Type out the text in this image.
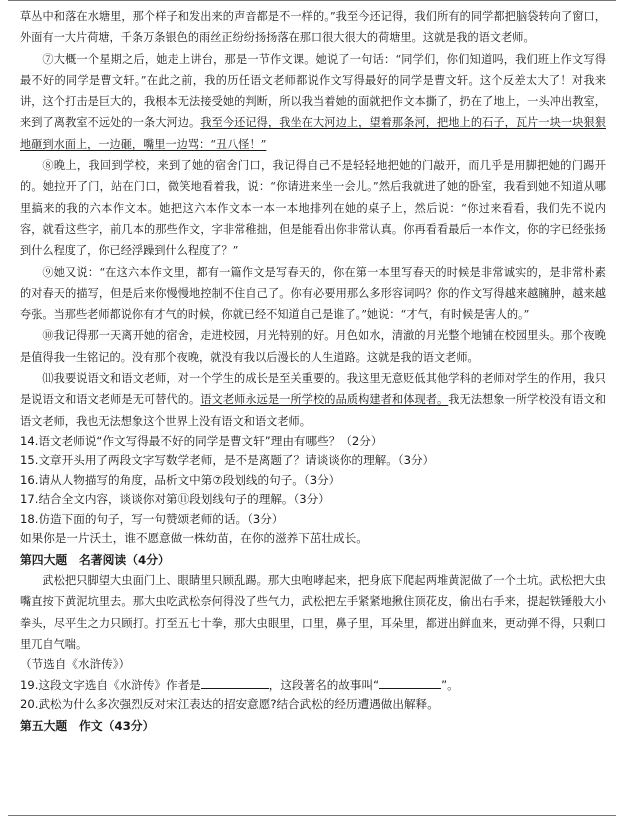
草丛中和落在水塘里，那个样子和发出来的声音都是不一样的。”我至今还记得，我们所有的同学都把脑袋转向了窗口，外面有一大片荷塘，千条万条银色的雨丝正纷纷扬扬落在那口很大很大的荷塘里。这就是我的语文老师。
⑦大概一个星期之后，她走上讲台，那是一节作文课。她说了一句话：“同学们，你们知道吗，我们班上作文写得最不好的同学是曹文轩。”在此之前，我的历任语文老师都说作文写得最好的同学是曹文轩。这个反差太大了！对我来讲，这个打击是巨大的，我根本无法接受她的判断，所以我当着她的面就把作文本撕了，扔在了地上，一头冲出教室，来到了离教室不远处的一条大河边。我至今还记得，我坐在大河边上，望着那条河，把地上的石子，瓦片一块一块狠狠地砸到水面上，一边砸，嘴里一边骂：“丑八怪！”
⑧晚上，我回到学校，来到了她的宿舍门口，我记得自己不是轻轻地把她的门敲开，而几乎是用脚把她的门踢开的。她拉开了门，站在门口，微笑地看着我，说：“你请进来坐一会儿。”然后我就进了她的卧室，我看到她不知道从哪里搞来的我的六本作文本。她把这六本作文本一本一本地排列在她的桌子上，然后说：“你过来看看，我们先不说内容，就看这些字，前几本的那些作文，字非常稚拙，但是能看出你非常认真。你再看看最后一本作文，你的字已经张扬到什么程度了，你已经浮躁到什么程度了？”
⑨她又说：“在这六本作文里，都有一篇作文是写春天的，你在第一本里写春天的时候是非常诚实的，是非常朴素的对春天的描写，但是后来你慢慢地控制不住自己了。你有必要用那么多形容词吗？你的作文写得越来越臃肿，越来越夸张。当那些老师都说你有才气的时候，你就已经不知道自己是谁了。”她说：“才气，有时候是害人的。”
⑩我记得那一天离开她的宿舍，走进校园，月光特别的好。月色如水，清澈的月光整个地铺在校园里头。那个夜晚是值得我一生铭记的。没有那个夜晚，就没有我以后漫长的人生道路。这就是我的语文老师。
⑾我要说语文和语文老师，对一个学生的成长是至关重要的。我这里无意贬低其他学科的老师对学生的作用，我只是说语文和语文老师是无可替代的。语文老师永远是一所学校的品质构建者和体现者。我无法想象一所学校没有语文和语文老师，我也无法想象这个世界上没有语文和语文老师。
14.语文老师说“作文写得最不好的同学是曹文轩”理由有哪些？（2分）
15.文章开头用了两段文字写数学老师，是不是离题了？请谈谈你的理解。（3分）
16.请从人物描写的角度，品析文中第⑦段划线的句子。（3分）
17.结合全文内容，谈谈你对第⑪段划线句子的理解。（3分）
18.仿造下面的句子，写一句赞颂老师的话。（3分）
如果你是一片沃土，谁不愿意做一株幼苗，在你的滋养下茁壮成长。
第四大题　名著阅读（4分）
武松把只脚望大虫面门上、眼睛里只顾乱踢。那大虫咆哮起来，把身底下爬起两堆黄泥做了一个土坑。武松把大虫嘴直按下黄泥坑里去。那大虫吃武松奈何得没了些气力，武松把左手紧紧地揪住顶花皮，偷出右手来，提起铁锤般大小拳头，尽平生之力只顾打。打至五七十拳，那大虫眼里，口里，鼻子里，耳朵里，都迸出鲜血来，更动弹不得，只剩口里兀自气喘。
（节选自《水浒传》）
19.这段文字选自《水浒传》作者是	，这段著名的故事叫“	”。
20.武松为什么多次强烈反对宋江表达的招安意愿?结合武松的经历遭遇做出解释。
第五大题　作文（43分）
